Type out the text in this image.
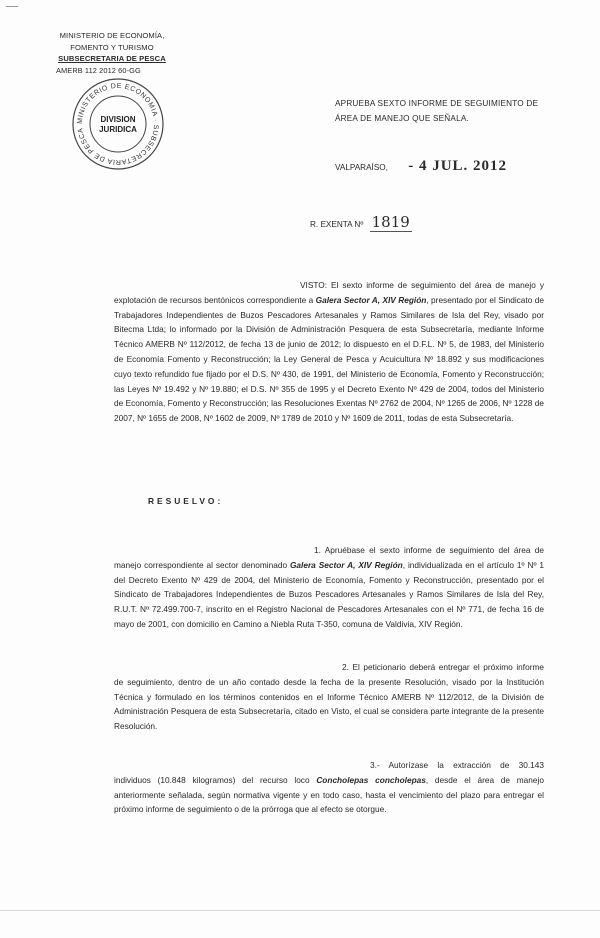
MINISTERIO DE ECONOMÍA,
FOMENTO Y TURISMO
SUBSECRETARIA DE PESCA
AMERB 112 2012 60-GG
MINISTERIO DE ECONOMIA · SUBSECRETARIA DE PESCA
DIVISION
JURIDICA
APRUEBA SEXTO INFORME DE SEGUIMIENTO DE ÁREA DE MANEJO QUE SEÑALA.
VALPARAÍSO, - 4 JUL. 2012
R. EXENTA Nº 1819
VISTO: El sexto informe de seguimiento del área de manejo y explotación de recursos bentónicos correspondiente a Galera Sector A, XIV Región, presentado por el Sindicato de Trabajadores Independientes de Buzos Pescadores Artesanales y Ramos Similares de Isla del Rey, visado por Bitecma Ltda; lo informado por la División de Administración Pesquera de esta Subsecretaría, mediante Informe Técnico AMERB Nº 112/2012, de fecha 13 de junio de 2012; lo dispuesto en el D.F.L. Nº 5, de 1983, del Ministerio de Economía Fomento y Reconstrucción; la Ley General de Pesca y Acuicultura Nº 18.892 y sus modificaciones cuyo texto refundido fue fijado por el D.S. Nº 430, de 1991, del Ministerio de Economía, Fomento y Reconstrucción; las Leyes Nº 19.492 y Nº 19.880; el D.S. Nº 355 de 1995 y el Decreto Exento Nº 429 de 2004, todos del Ministerio de Economía, Fomento y Reconstrucción; las Resoluciones Exentas Nº 2762 de 2004, Nº 1265 de 2006, Nº 1228 de 2007, Nº 1655 de 2008, Nº 1602 de 2009, Nº 1789 de 2010 y Nº 1609 de 2011, todas de esta Subsecretaría.
RESUELVO:
1. Apruébase el sexto informe de seguimiento del área de manejo correspondiente al sector denominado Galera Sector A, XIV Región, individualizada en el artículo 1º Nº 1 del Decreto Exento Nº 429 de 2004, del Ministerio de Economía, Fomento y Reconstrucción, presentado por el Sindicato de Trabajadores Independientes de Buzos Pescadores Artesanales y Ramos Similares de Isla del Rey, R.U.T. Nº 72.499.700-7, inscrito en el Registro Nacional de Pescadores Artesanales con el Nº 771, de fecha 16 de mayo de 2001, con domicilio en Camino a Niebla Ruta T-350, comuna de Valdivia, XIV Región.
2. El peticionario deberá entregar el próximo informe de seguimiento, dentro de un año contado desde la fecha de la presente Resolución, visado por la Institución Técnica y formulado en los términos contenidos en el Informe Técnico AMERB Nº 112/2012, de la División de Administración Pesquera de esta Subsecretaría, citado en Visto, el cual se considera parte integrante de la presente Resolución.
3.- Autorízase la extracción de 30.143 individuos (10.848 kilogramos) del recurso loco Concholepas concholepas, desde el área de manejo anteriormente señalada, según normativa vigente y en todo caso, hasta el vencimiento del plazo para entregar el próximo informe de seguimiento o de la prórroga que al efecto se otorgue.
